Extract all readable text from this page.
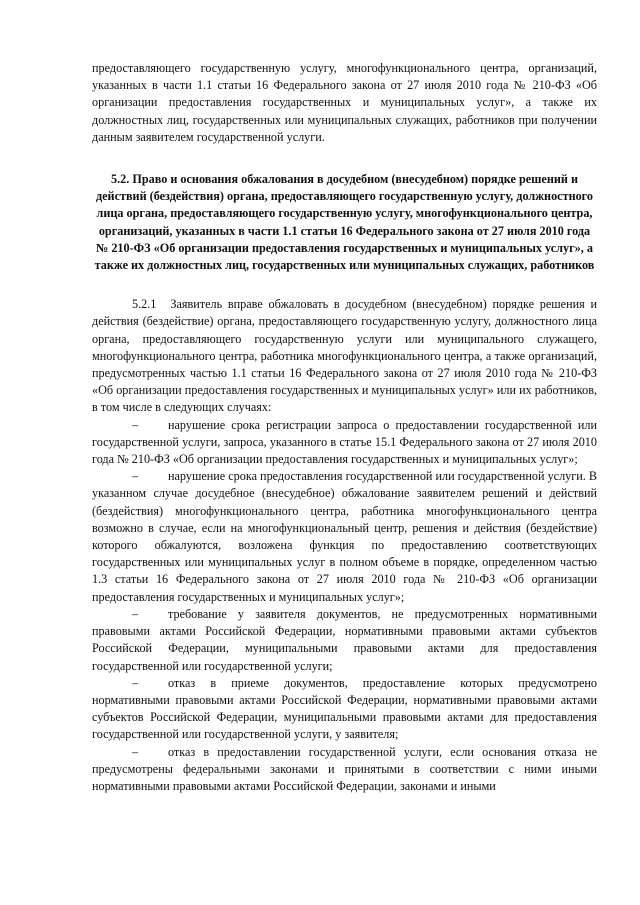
предоставляющего государственную услугу, многофункционального центра, организаций, указанных в части 1.1 статьи 16 Федерального закона от 27 июля 2010 года № 210-ФЗ «Об организации предоставления государственных и муниципальных услуг», а также их должностных лиц, государственных или муниципальных служащих, работников при получении данным заявителем государственной услуги.

5.2. Право и основания обжалования в досудебном (внесудебном) порядке решений и действий (бездействия) органа, предоставляющего государственную услугу, должностного лица органа, предоставляющего государственную услугу, многофункционального центра, организаций, указанных в части 1.1 статьи 16 Федерального закона от 27 июля 2010 года № 210-ФЗ «Об организации предоставления государственных и муниципальных услуг», а также их должностных лиц, государственных или муниципальных служащих, работников

5.2.1 Заявитель вправе обжаловать в досудебном (внесудебном) порядке решения и действия (бездействие) органа, предоставляющего государственную услугу, должностного лица органа, предоставляющего государственную услуги или муниципального служащего, многофункционального центра, работника многофункционального центра, а также организаций, предусмотренных частью 1.1 статьи 16 Федерального закона от 27 июля 2010 года № 210-ФЗ «Об организации предоставления государственных и муниципальных услуг» или их работников, в том числе в следующих случаях:

– нарушение срока регистрации запроса о предоставлении государственной или государственной услуги, запроса, указанного в статье 15.1 Федерального закона от 27 июля 2010 года № 210-ФЗ «Об организации предоставления государственных и муниципальных услуг»;

– нарушение срока предоставления государственной или государственной услуги. В указанном случае досудебное (внесудебное) обжалование заявителем решений и действий (бездействия) многофункционального центра, работника многофункционального центра возможно в случае, если на многофункциональный центр, решения и действия (бездействие) которого обжалуются, возложена функция по предоставлению соответствующих государственных или муниципальных услуг в полном объеме в порядке, определенном частью 1.3 статьи 16 Федерального закона от 27 июля 2010 года № 210-ФЗ «Об организации предоставления государственных и муниципальных услуг»;

– требование у заявителя документов, не предусмотренных нормативными правовыми актами Российской Федерации, нормативными правовыми актами субъектов Российской Федерации, муниципальными правовыми актами для предоставления государственной или государственной услуги;

– отказ в приеме документов, предоставление которых предусмотрено нормативными правовыми актами Российской Федерации, нормативными правовыми актами субъектов Российской Федерации, муниципальными правовыми актами для предоставления государственной или государственной услуги, у заявителя;

– отказ в предоставлении государственной услуги, если основания отказа не предусмотрены федеральными законами и принятыми в соответствии с ними иными нормативными правовыми актами Российской Федерации, законами и иными
